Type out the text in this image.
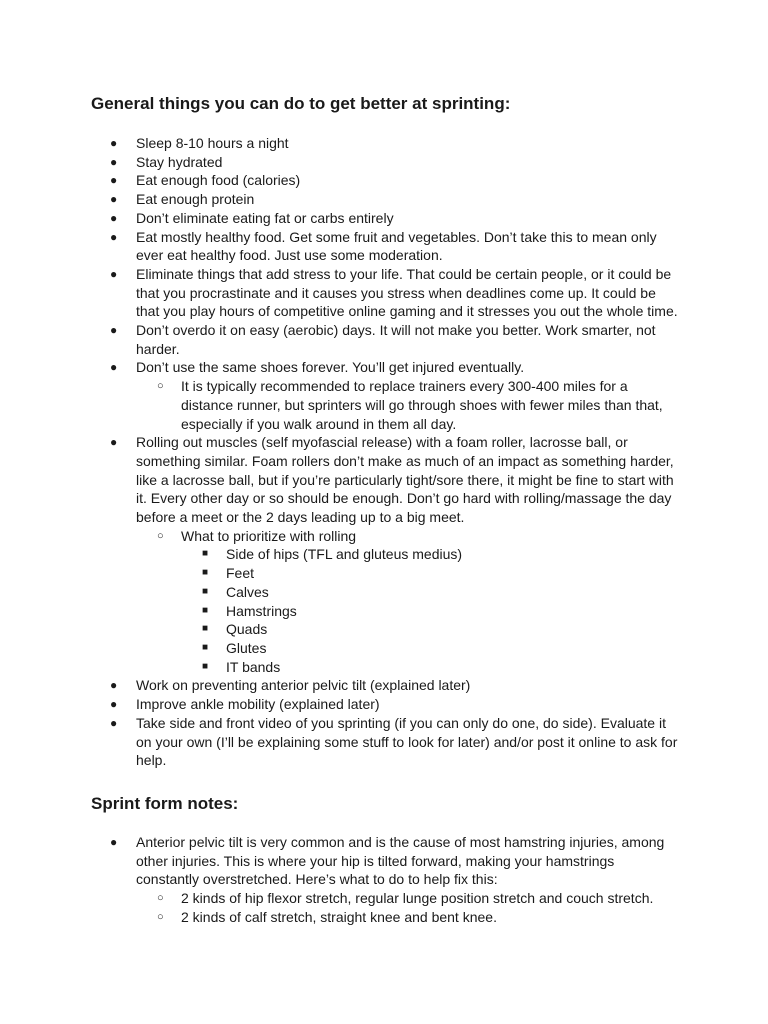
General things you can do to get better at sprinting:
● Sleep 8-10 hours a night
● Stay hydrated
● Eat enough food (calories)
● Eat enough protein
● Don’t eliminate eating fat or carbs entirely
● Eat mostly healthy food. Get some fruit and vegetables. Don’t take this to mean only ever eat healthy food. Just use some moderation.
● Eliminate things that add stress to your life. That could be certain people, or it could be that you procrastinate and it causes you stress when deadlines come up. It could be that you play hours of competitive online gaming and it stresses you out the whole time.
● Don’t overdo it on easy (aerobic) days. It will not make you better. Work smarter, not harder.
● Don’t use the same shoes forever. You’ll get injured eventually.
○ It is typically recommended to replace trainers every 300-400 miles for a distance runner, but sprinters will go through shoes with fewer miles than that, especially if you walk around in them all day.
● Rolling out muscles (self myofascial release) with a foam roller, lacrosse ball, or something similar. Foam rollers don’t make as much of an impact as something harder, like a lacrosse ball, but if you’re particularly tight/sore there, it might be fine to start with it. Every other day or so should be enough. Don’t go hard with rolling/massage the day before a meet or the 2 days leading up to a big meet.
○ What to prioritize with rolling
■ Side of hips (TFL and gluteus medius)
■ Feet
■ Calves
■ Hamstrings
■ Quads
■ Glutes
■ IT bands
● Work on preventing anterior pelvic tilt (explained later)
● Improve ankle mobility (explained later)
● Take side and front video of you sprinting (if you can only do one, do side). Evaluate it on your own (I’ll be explaining some stuff to look for later) and/or post it online to ask for help.
Sprint form notes:
● Anterior pelvic tilt is very common and is the cause of most hamstring injuries, among other injuries. This is where your hip is tilted forward, making your hamstrings constantly overstretched. Here’s what to do to help fix this:
○ 2 kinds of hip flexor stretch, regular lunge position stretch and couch stretch.
○ 2 kinds of calf stretch, straight knee and bent knee.
